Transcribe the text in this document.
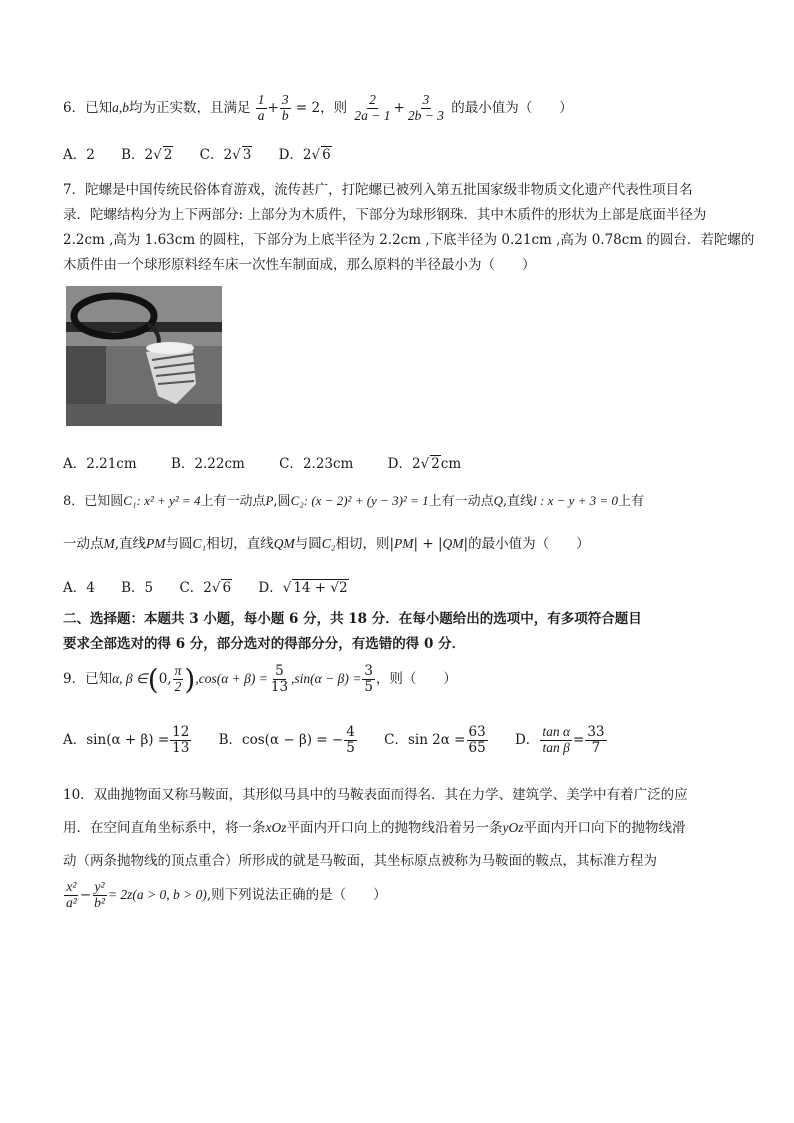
6．已知a,b均为正实数，且满足 $\frac{1}{a} + \frac{3}{b} = 2$，则 $\frac{2}{2a - 1} + \frac{3}{2b - 3}$ 的最小值为（　　）
A．2 B．2√ 2 C．2√ 3 D．2√ 6
7．陀螺是中国传统民俗体育游戏，流传甚广，打陀螺已被列入第五批国家级非物质文化遗产代表性项目名
录．陀螺结构分为上下两部分: 上部分为木质件，下部分为球形钢珠．其中木质件的形状为上部是底面半径为
2.2cm ,高为 1.63cm 的圆柱，下部分为上底半径为 2.2cm ,下底半径为 0.21cm ,高为 0.78cm 的圆台．若陀螺的
木质件由一个球形原料经车床一次性车制面成，那么原料的半径最小为（　　）
A．2.21cm	B．2.22cm	C．2.23cm	D．2√ 2cm
8．已知圆C₁: x² + y² = 4上有一动点P,圆C₂: (x − 2)² + (y − 3)² = 1上有一动点Q,直线l : x − y + 3 = 0上有
一动点M,直线PM与圆C₁相切，直线QM与圆C₂相切，则|PM| + |QM|的最小值为（　　）
A．4 B．5 C．2√ 6 D．√ 14 + √2
二、选择题：本题共 3 小题，每小题 6 分，共 18 分．在每小题给出的选项中，有多项符合题目
要求全部选对的得 6 分，部分选对的得部分分，有选错的得 0 分．
9．已知α, β ∈(0, $\frac{\pi}{2} ),\cos(\alpha + \beta) = \frac{5}{13} ,\sin(\alpha - \beta) = \frac{3}{5}$ ，则（　　）
A．$\sin(\alpha + \beta) = \frac{12}{13}$ B．cos(α − β) = − $\frac{4}{5}$ C．$\sin 2\alpha = \frac{63}{65}$ D． $\frac{\text{tan α}}{\text{tan β}} = \frac{33}{7}$
10．双曲抛物面又称马鞍面，其形似马具中的马鞍表面而得名．其在力学、建筑学、美学中有着广泛的应
用．在空间直角坐标系中，将一条xOz平面内开口向上的抛物线沿着另一条yOz平面内开口向下的抛物线滑
动（两条抛物线的顶点重合）所形成的就是马鞍面，其坐标原点被称为马鞍面的鞍点，其标准方程为
$\frac{\text{x²}}{\text{a²}} - \frac{\text{y²}}{\text{b²}} = 2z(a > 0$, b > 0),则下列说法正确的是（　　）
